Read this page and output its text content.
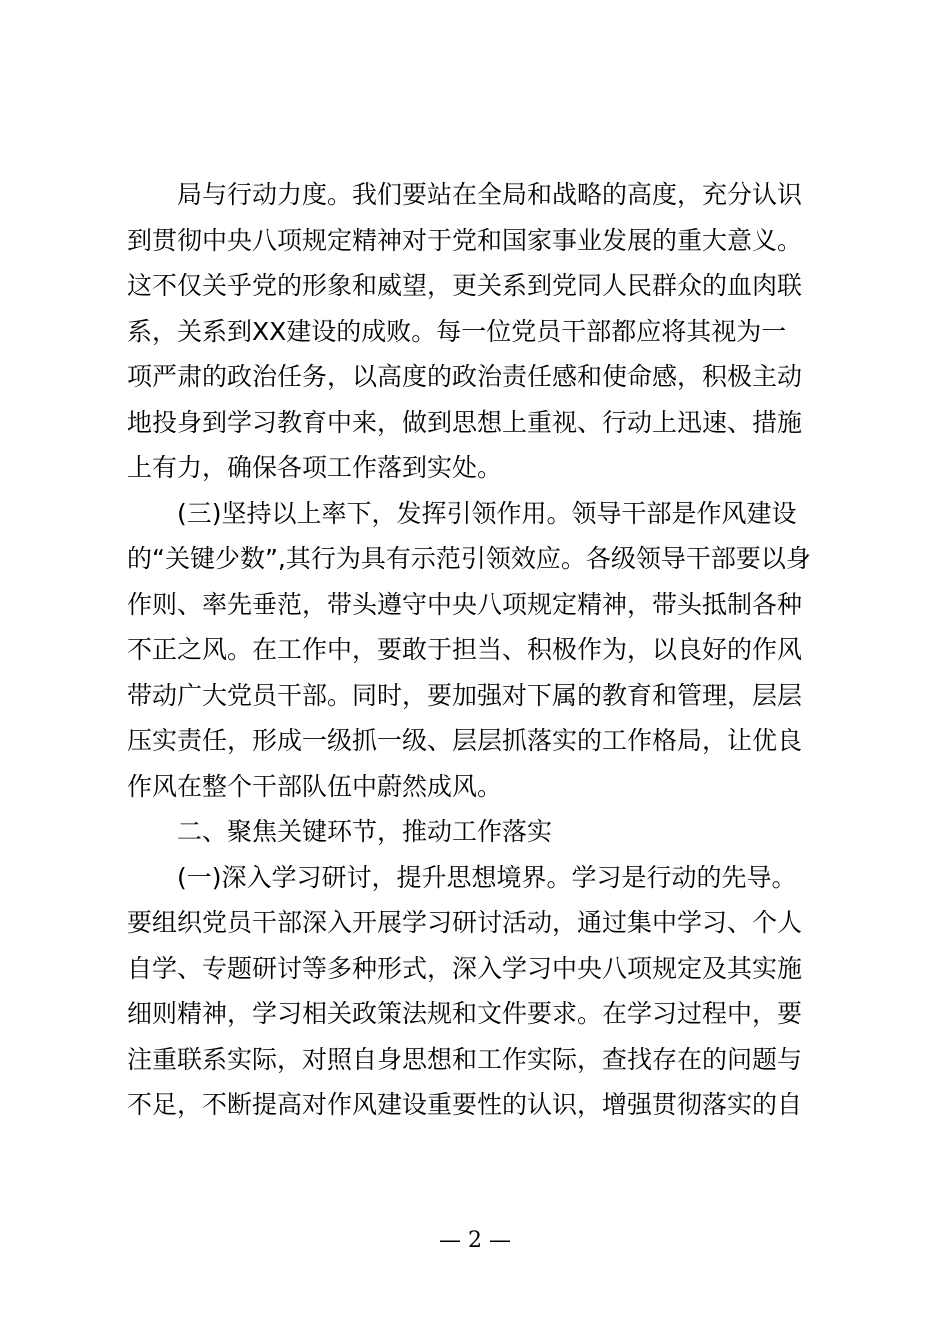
局与行动力度。我们要站在全局和战略的高度，充分认识
到贯彻中央八项规定精神对于党和国家事业发展的重大意义。
这不仅关乎党的形象和威望，更关系到党同人民群众的血肉联
系，关系到XX建设的成败。每一位党员干部都应将其视为一
项严肃的政治任务，以高度的政治责任感和使命感，积极主动
地投身到学习教育中来，做到思想上重视、行动上迅速、措施
上有力，确保各项工作落到实处。
(三)坚持以上率下，发挥引领作用。领导干部是作风建设
的“关键少数”,其行为具有示范引领效应。各级领导干部要以身
作则、率先垂范，带头遵守中央八项规定精神，带头抵制各种
不正之风。在工作中，要敢于担当、积极作为，以良好的作风
带动广大党员干部。同时，要加强对下属的教育和管理，层层
压实责任，形成一级抓一级、层层抓落实的工作格局，让优良
作风在整个干部队伍中蔚然成风。
二、聚焦关键环节，推动工作落实
(一)深入学习研讨，提升思想境界。学习是行动的先导。
要组织党员干部深入开展学习研讨活动，通过集中学习、个人
自学、专题研讨等多种形式，深入学习中央八项规定及其实施
细则精神，学习相关政策法规和文件要求。在学习过程中，要
注重联系实际，对照自身思想和工作实际，查找存在的问题与
不足，不断提高对作风建设重要性的认识，增强贯彻落实的自
— 2 —
